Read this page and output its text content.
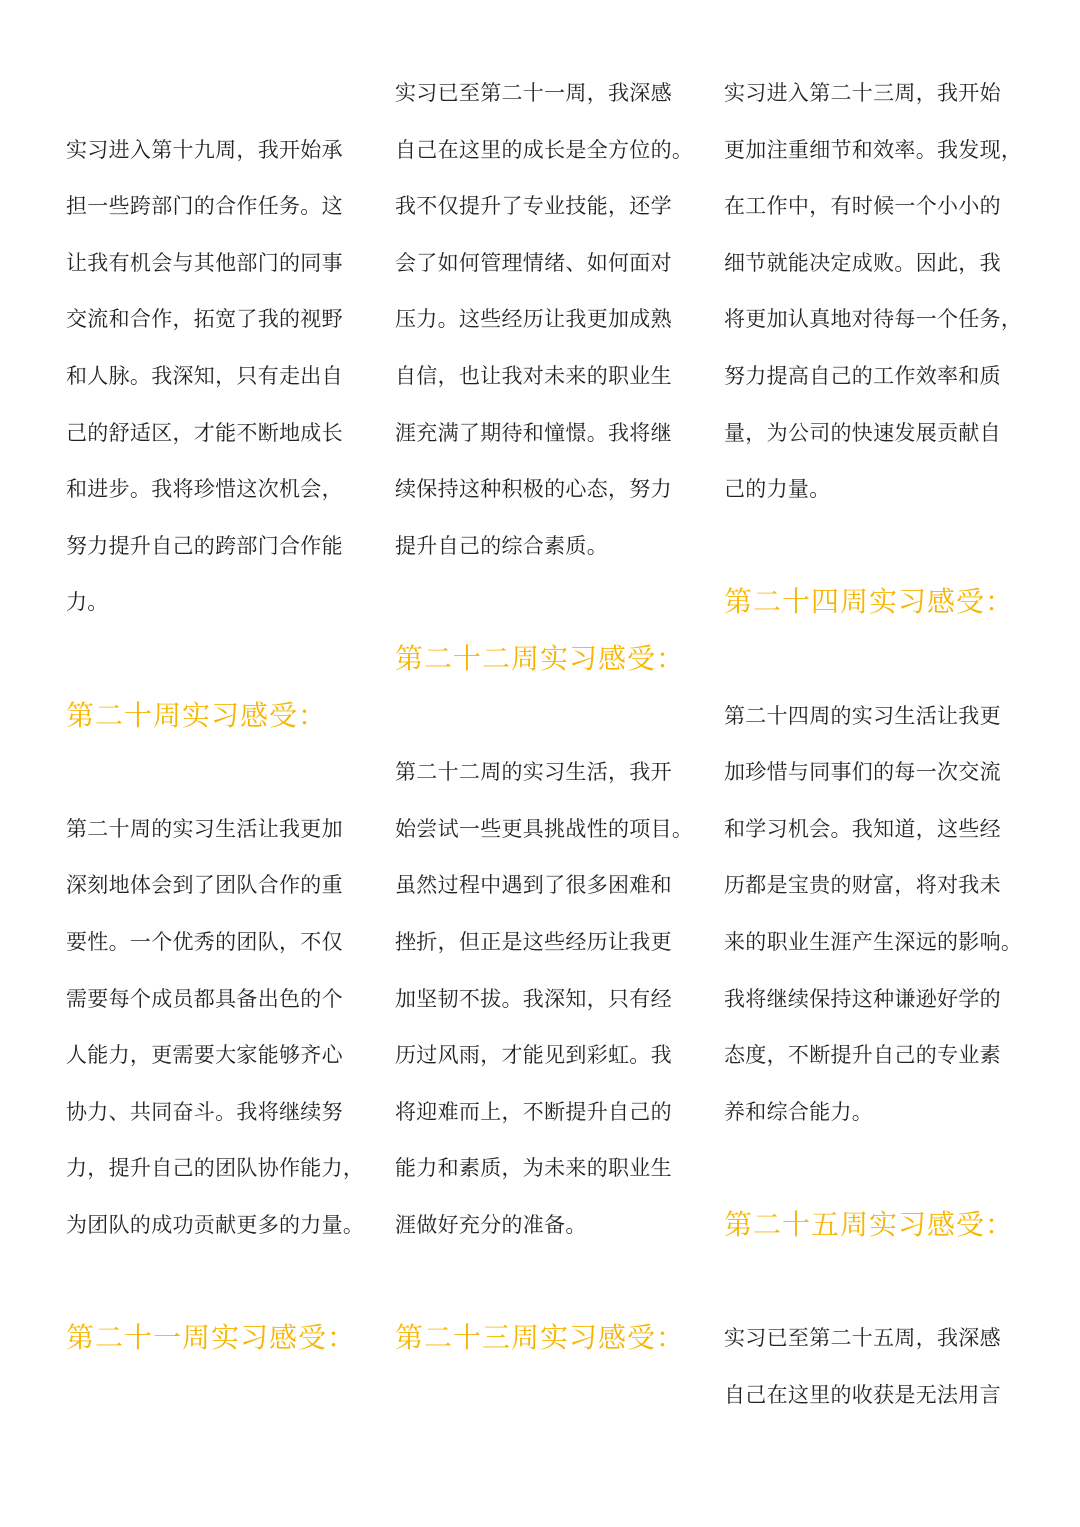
实习进入第十九周，我开始承
担一些跨部门的合作任务。这
让我有机会与其他部门的同事
交流和合作，拓宽了我的视野
和人脉。我深知，只有走出自
己的舒适区，才能不断地成长
和进步。我将珍惜这次机会，
努力提升自己的跨部门合作能
力。
第二十周实习感受：
第二十周的实习生活让我更加
深刻地体会到了团队合作的重
要性。一个优秀的团队，不仅
需要每个成员都具备出色的个
人能力，更需要大家能够齐心
协力、共同奋斗。我将继续努
力，提升自己的团队协作能力，
为团队的成功贡献更多的力量。
第二十一周实习感受：
实习已至第二十一周，我深感
自己在这里的成长是全方位的。
我不仅提升了专业技能，还学
会了如何管理情绪、如何面对
压力。这些经历让我更加成熟
自信，也让我对未来的职业生
涯充满了期待和憧憬。我将继
续保持这种积极的心态，努力
提升自己的综合素质。
第二十二周实习感受：
第二十二周的实习生活，我开
始尝试一些更具挑战性的项目。
虽然过程中遇到了很多困难和
挫折，但正是这些经历让我更
加坚韧不拔。我深知，只有经
历过风雨，才能见到彩虹。我
将迎难而上，不断提升自己的
能力和素质，为未来的职业生
涯做好充分的准备。
第二十三周实习感受：
实习进入第二十三周，我开始
更加注重细节和效率。我发现，
在工作中，有时候一个小小的
细节就能决定成败。因此，我
将更加认真地对待每一个任务，
努力提高自己的工作效率和质
量，为公司的快速发展贡献自
己的力量。
第二十四周实习感受：
第二十四周的实习生活让我更
加珍惜与同事们的每一次交流
和学习机会。我知道，这些经
历都是宝贵的财富，将对我未
来的职业生涯产生深远的影响。
我将继续保持这种谦逊好学的
态度，不断提升自己的专业素
养和综合能力。
第二十五周实习感受：
实习已至第二十五周，我深感
自己在这里的收获是无法用言
